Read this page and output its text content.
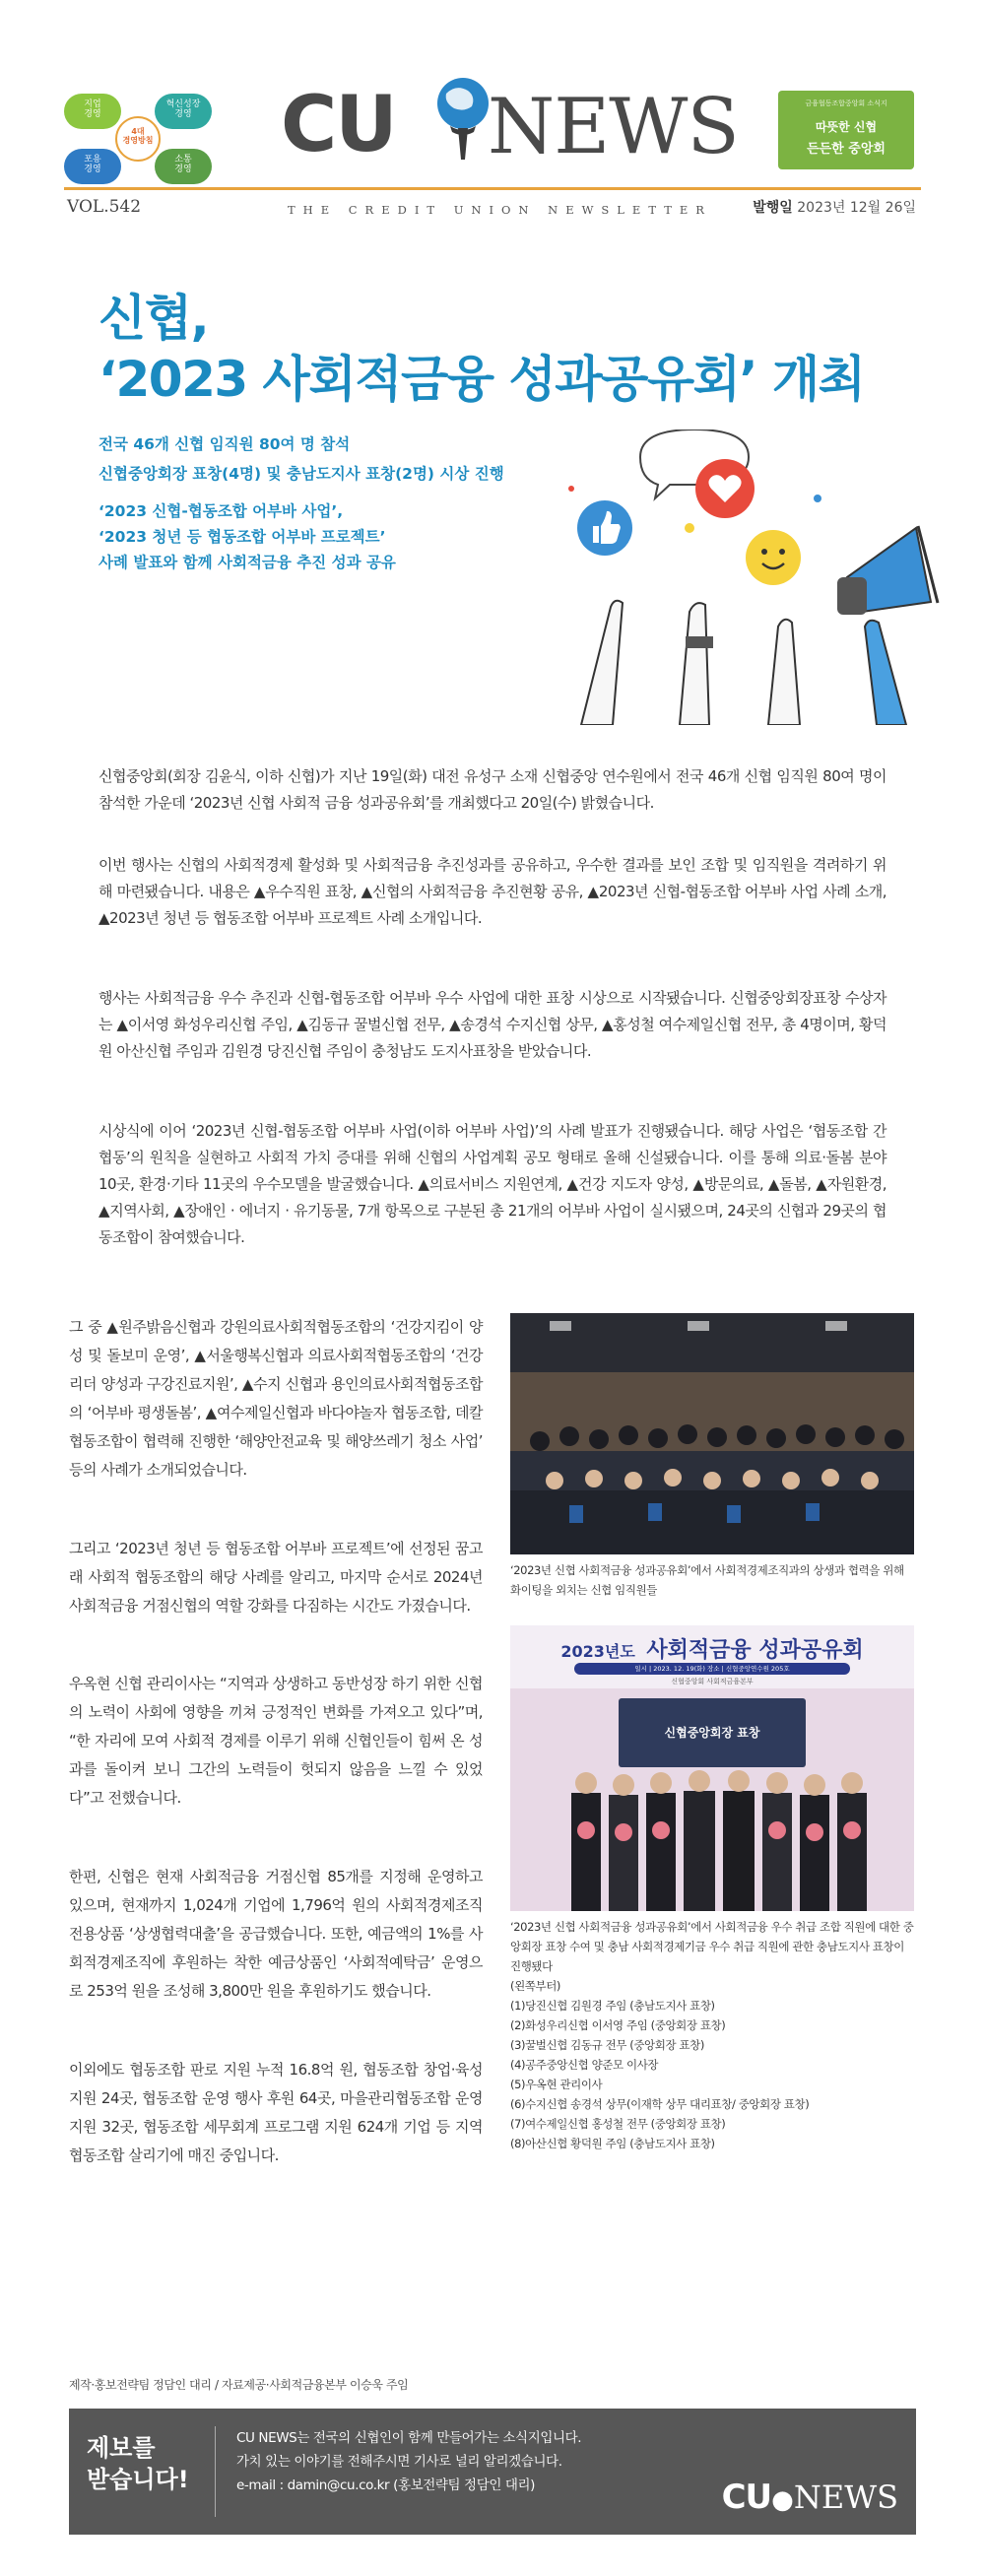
지업
경영
혁신성장
경영
포용
경영
소통
경영
4대
경영방침 CU NEWS	금융협동조합중앙회 소식지
따뜻한 신협
든든한 중앙회
VOL.542	THE CREDIT UNION NEWSLETTER	발행일 2023년 12월 26일
신협,
‘2023 사회적금융 성과공유회’ 개최
전국 46개 신협 임직원 80여 명 참석
신협중앙회장 표창(4명) 및 충남도지사 표창(2명) 시상 진행
‘2023 신협-협동조합 어부바 사업’,
‘2023 청년 등 협동조합 어부바 프로젝트’
사례 발표와 함께 사회적금융 추진 성과 공유
신협중앙회(회장 김윤식, 이하 신협)가 지난 19일(화) 대전 유성구 소재 신협중앙 연수원에서 전국 46개 신협 임직원 80여 명이 참석한 가운데 ‘2023년 신협 사회적 금융 성과공유회’를 개최했다고 20일(수) 밝혔습니다.
이번 행사는 신협의 사회적경제 활성화 및 사회적금융 추진성과를 공유하고, 우수한 결과를 보인 조합 및 임직원을 격려하기 위해 마련됐습니다. 내용은 ▲우수직원 표창, ▲신협의 사회적금융 추진현황 공유, ▲2023년 신협-협동조합 어부바 사업 사례 소개, ▲2023년 청년 등 협동조합 어부바 프로젝트 사례 소개입니다.
행사는 사회적금융 우수 추진과 신협-협동조합 어부바 우수 사업에 대한 표창 시상으로 시작됐습니다. 신협중앙회장표창 수상자는 ▲이서영 화성우리신협 주임, ▲김동규 꿀벌신협 전무, ▲송경석 수지신협 상무, ▲홍성철 여수제일신협 전무, 총 4명이며, 황덕원 아산신협 주임과 김원경 당진신협 주임이 충청남도 도지사표창을 받았습니다.
시상식에 이어 ‘2023년 신협-협동조합 어부바 사업(이하 어부바 사업)’의 사례 발표가 진행됐습니다. 해당 사업은 ‘협동조합 간 협동’의 원칙을 실현하고 사회적 가치 증대를 위해 신협의 사업계획 공모 형태로 올해 신설됐습니다. 이를 통해 의료·돌봄 분야 10곳, 환경·기타 11곳의 우수모델을 발굴했습니다. ▲의료서비스 지원연계, ▲건강 지도자 양성, ▲방문의료, ▲돌봄, ▲자원환경, ▲지역사회, ▲장애인 · 에너지 · 유기동물, 7개 항목으로 구분된 총 21개의 어부바 사업이 실시됐으며, 24곳의 신협과 29곳의 협동조합이 참여했습니다.
그 중 ▲원주밝음신협과 강원의료사회적협동조합의 ‘건강지킴이 양성 및 돌보미 운영’, ▲서울행복신협과 의료사회적협동조합의 ‘건강리더 양성과 구강진료지원’, ▲수지 신협과 용인의료사회적협동조합의 ‘어부바 평생돌봄’, ▲여수제일신협과 바다야놀자 협동조합, 데칼협동조합이 협력해 진행한 ‘해양안전교육 및 해양쓰레기 청소 사업’ 등의 사례가 소개되었습니다.
그리고 ‘2023년 청년 등 협동조합 어부바 프로젝트’에 선정된 꿈고래 사회적 협동조합의 해당 사례를 알리고, 마지막 순서로 2024년 사회적금융 거점신협의 역할 강화를 다짐하는 시간도 가졌습니다.
우옥현 신협 관리이사는 “지역과 상생하고 동반성장 하기 위한 신협의 노력이 사회에 영향을 끼쳐 긍정적인 변화를 가져오고 있다”며, “한 자리에 모여 사회적 경제를 이루기 위해 신협인들이 힘써 온 성과를 돌이켜 보니 그간의 노력들이 헛되지 않음을 느낄 수 있었다”고 전했습니다.
한편, 신협은 현재 사회적금융 거점신협 85개를 지정해 운영하고 있으며, 현재까지 1,024개 기업에 1,796억 원의 사회적경제조직 전용상품 ‘상생협력대출’을 공급했습니다. 또한, 예금액의 1%를 사회적경제조직에 후원하는 착한 예금상품인 ‘사회적예탁금’ 운영으로 253억 원을 조성해 3,800만 원을 후원하기도 했습니다.
이외에도 협동조합 판로 지원 누적 16.8억 원, 협동조합 창업·육성 지원 24곳, 협동조합 운영 행사 후원 64곳, 마을관리협동조합 운영 지원 32곳, 협동조합 세무회계 프로그램 지원 624개 기업 등 지역 협동조합 살리기에 매진 중입니다.
‘2023년 신협 사회적금융 성과공유회’에서 사회적경제조직과의 상생과 협력을 위해 화이팅을 외치는 신협 임직원들
2023년도 사회적금융 성과공유회
일시 | 2023. 12. 19(화) 장소 | 신협중앙연수원 205호
신협중앙회 사회적금융본부
신협중앙회장 표창
‘2023년 신협 사회적금융 성과공유회’에서 사회적금융 우수 취급 조합 직원에 대한 중앙회장 표창 수여 및 충남 사회적경제기금 우수 취급 직원에 관한 충남도지사 표창이 진행됐다
(왼쪽부터)
(1)당진신협 김원경 주임 (충남도지사 표창)
(2)화성우리신협 이서영 주임 (중앙회장 표창)
(3)꿀벌신협 김동규 전무 (중앙회장 표창)
(4)공주중앙신협 양준모 이사장
(5)우옥현 관리이사
(6)수지신협 송경석 상무(이재학 상무 대리표창/ 중앙회장 표창)
(7)여수제일신협 홍성철 전무 (중앙회장 표창)
(8)아산신협 황덕원 주임 (충남도지사 표창)
제작·홍보전략팀 정담인 대리 / 자료제공·사회적금융본부 이승욱 주임
제보를
받습니다!
CU NEWS는 전국의 신협인이 함께 만들어가는 소식지입니다.
가치 있는 이야기를 전해주시면 기사로 널리 알리겠습니다.
e-mail : damin@cu.co.kr (홍보전략팀 정담인 대리)	CU●NEWS
